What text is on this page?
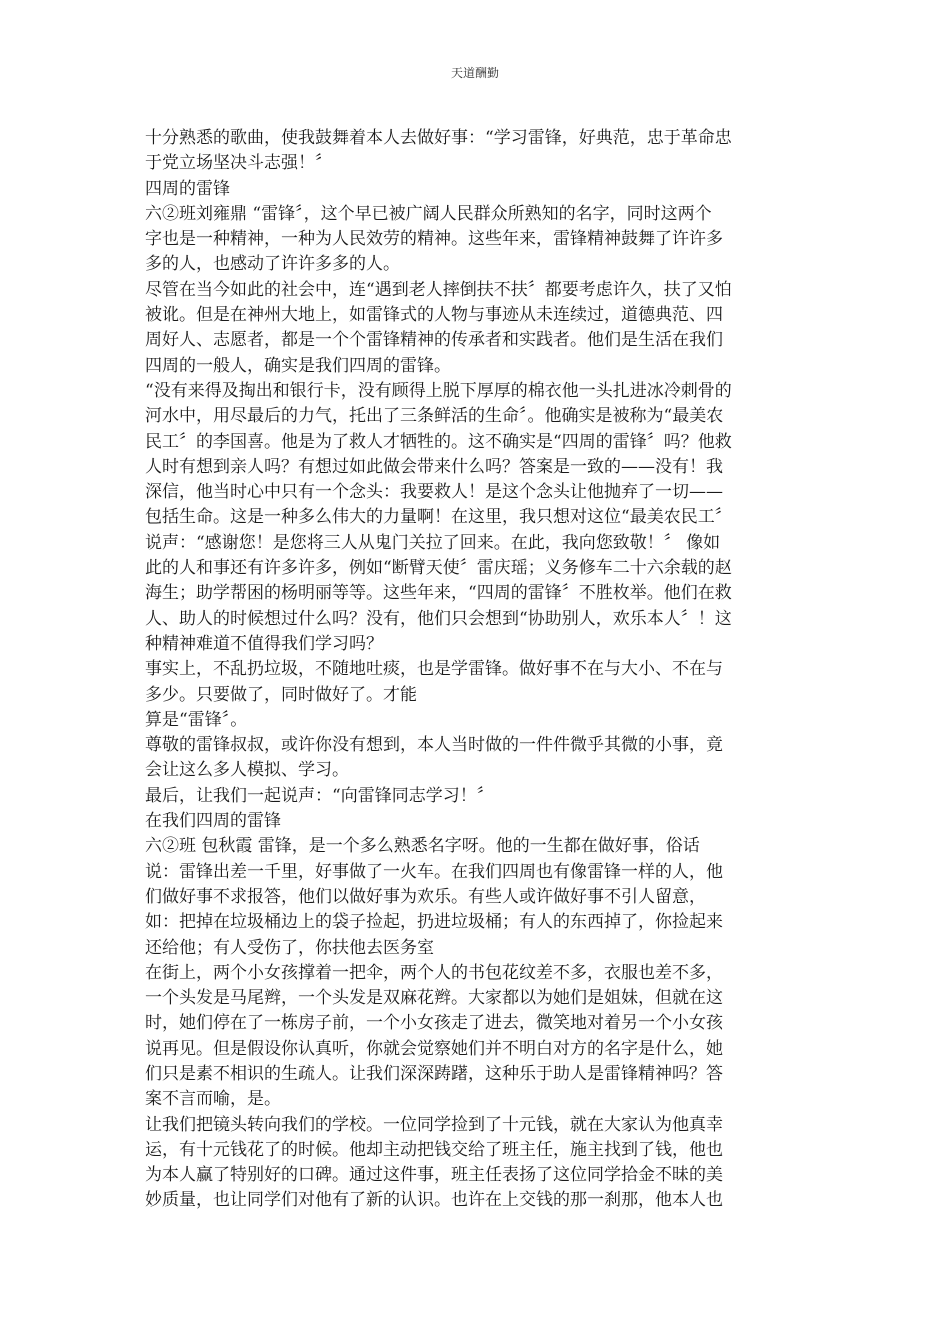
天道酬勤
十分熟悉的歌曲，使我鼓舞着本人去做好事：“学习雷锋，好典范，忠于革命忠
于党立场坚决斗志强！〞
四周的雷锋
六②班刘雍鼎 “雷锋〞，这个早已被广阔人民群众所熟知的名字，同时这两个
字也是一种精神，一种为人民效劳的精神。这些年来，雷锋精神鼓舞了许许多
多的人，也感动了许许多多的人。
尽管在当今如此的社会中，连“遇到老人摔倒扶不扶〞都要考虑许久，扶了又怕
被讹。但是在神州大地上，如雷锋式的人物与事迹从未连续过，道德典范、四
周好人、志愿者，都是一个个雷锋精神的传承者和实践者。他们是生活在我们
四周的一般人，确实是我们四周的雷锋。
“没有来得及掏出和银行卡，没有顾得上脱下厚厚的棉衣他一头扎进冰冷刺骨的
河水中，用尽最后的力气，托出了三条鲜活的生命〞。他确实是被称为“最美农
民工〞的李国喜。他是为了救人才牺牲的。这不确实是“四周的雷锋〞吗？他救
人时有想到亲人吗？有想过如此做会带来什么吗？答案是一致的——没有！我
深信，他当时心中只有一个念头：我要救人！是这个念头让他抛弃了一切——
包括生命。这是一种多么伟大的力量啊！在这里，我只想对这位“最美农民工〞
说声：“感谢您！是您将三人从鬼门关拉了回来。在此，我向您致敬！〞 像如
此的人和事还有许多许多，例如“断臂天使〞雷庆瑶；义务修车二十六余载的赵
海生；助学帮困的杨明丽等等。这些年来，“四周的雷锋〞不胜枚举。他们在救
人、助人的时候想过什么吗？没有，他们只会想到“协助别人，欢乐本人〞！这
种精神难道不值得我们学习吗？
事实上，不乱扔垃圾，不随地吐痰，也是学雷锋。做好事不在与大小、不在与
多少。只要做了，同时做好了。才能
算是“雷锋〞。
尊敬的雷锋叔叔，或许你没有想到，本人当时做的一件件微乎其微的小事，竟
会让这么多人模拟、学习。
最后，让我们一起说声：“向雷锋同志学习！〞
在我们四周的雷锋
六②班 包秋霞 雷锋，是一个多么熟悉名字呀。他的一生都在做好事，俗话
说：雷锋出差一千里，好事做了一火车。在我们四周也有像雷锋一样的人，他
们做好事不求报答，他们以做好事为欢乐。有些人或许做好事不引人留意，
如：把掉在垃圾桶边上的袋子捡起，扔进垃圾桶；有人的东西掉了，你捡起来
还给他；有人受伤了，你扶他去医务室
在街上，两个小女孩撑着一把伞，两个人的书包花纹差不多，衣服也差不多，
一个头发是马尾辫，一个头发是双麻花辫。大家都以为她们是姐妹，但就在这
时，她们停在了一栋房子前，一个小女孩走了进去，微笑地对着另一个小女孩
说再见。但是假设你认真听，你就会觉察她们并不明白对方的名字是什么，她
们只是素不相识的生疏人。让我们深深踌躇，这种乐于助人是雷锋精神吗？答
案不言而喻，是。
让我们把镜头转向我们的学校。一位同学捡到了十元钱，就在大家认为他真幸
运，有十元钱花了的时候。他却主动把钱交给了班主任，施主找到了钱，他也
为本人赢了特别好的口碑。通过这件事，班主任表扬了这位同学拾金不昧的美
妙质量，也让同学们对他有了新的认识。也许在上交钱的那一刹那，他本人也
